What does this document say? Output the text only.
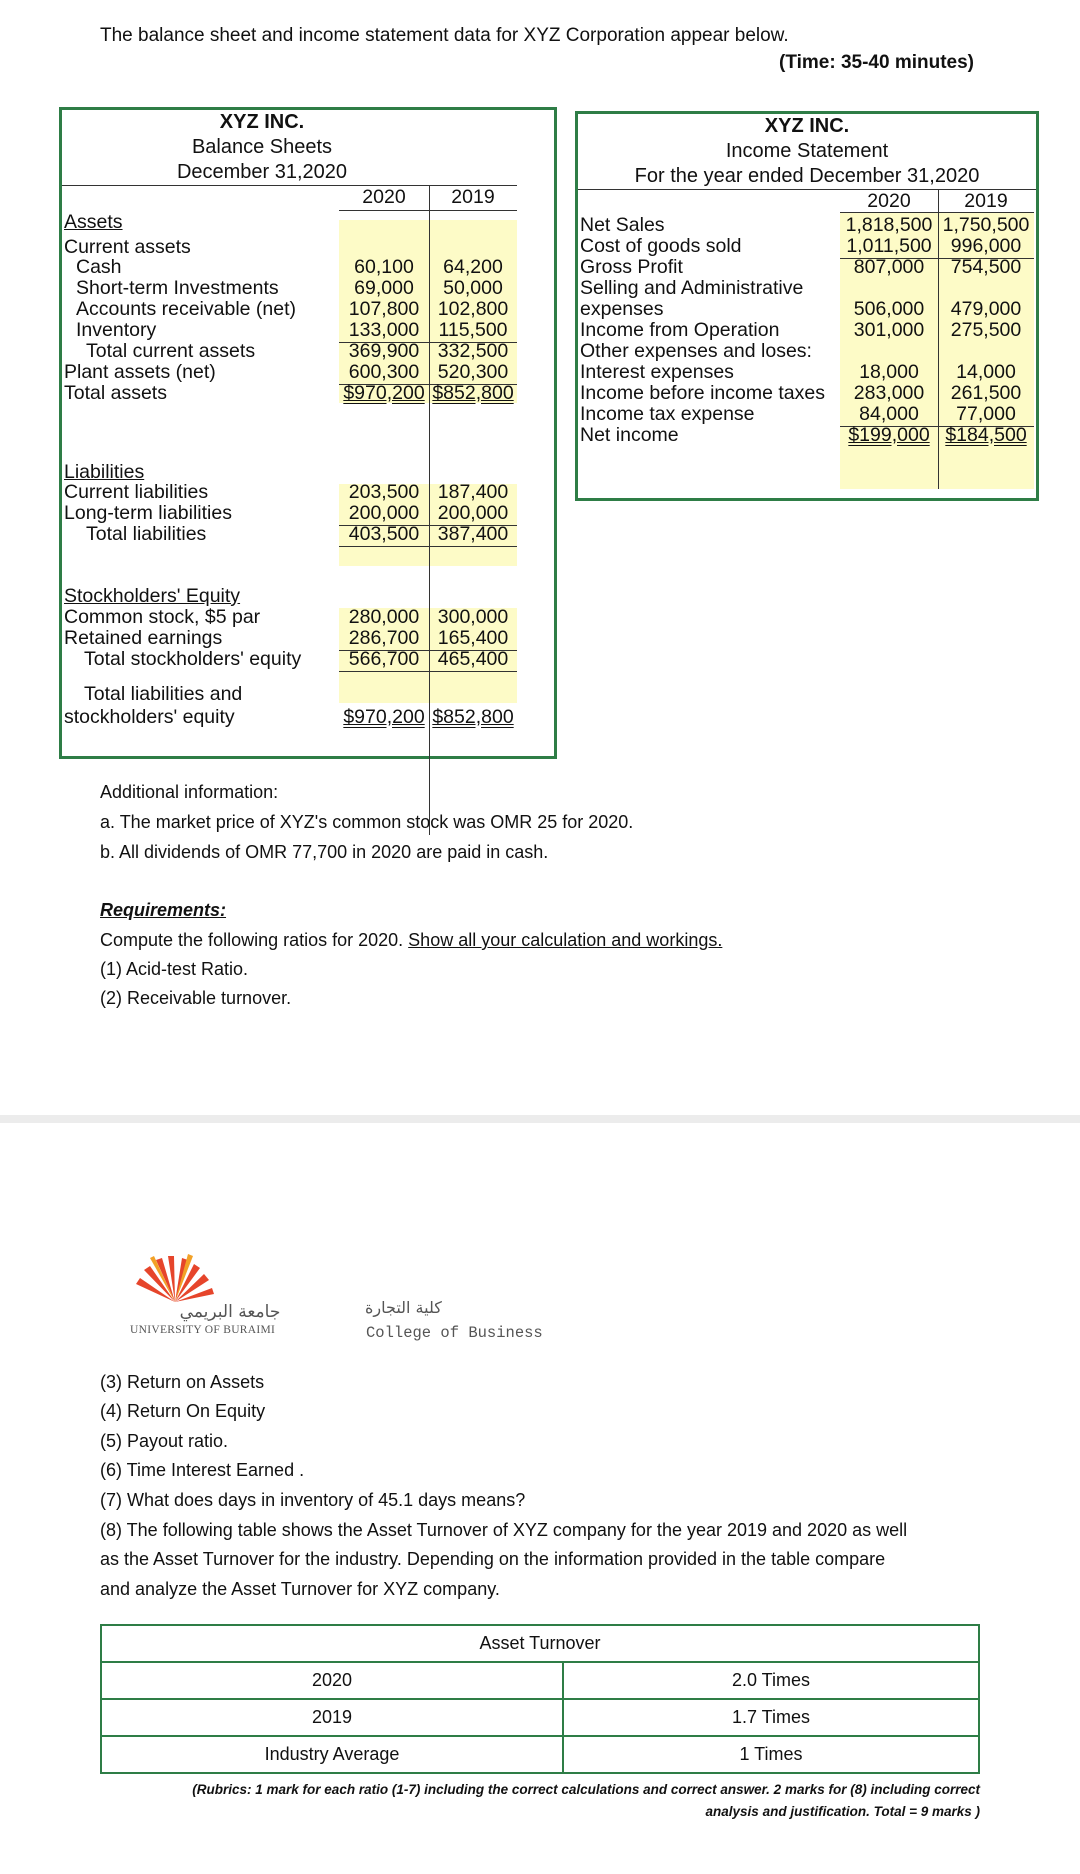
The balance sheet and income statement data for XYZ Corporation appear below.
(Time: 35-40 minutes)
XYZ INC.
Balance Sheets
December 31,2020
2020	2019
Assets
Current assets
Cash	60,100	64,200
Short-term Investments	69,000	50,000
Accounts receivable (net)	107,800 102,800
Inventory	133,000 115,500
Total current assets	369,900 332,500
Plant assets (net)	600,300 520,300
Total assets	$970,200 $852,800
Liabilities
Current liabilities	203,500 187,400
Long-term liabilities	200,000 200,000
Total liabilities	403,500 387,400
Stockholders' Equity
Common stock, $5 par	280,000 300,000
Retained earnings	286,700 165,400
Total stockholders' equity	566,700 465,400
Total liabilities and
stockholders' equity	$970,200 $852,800
XYZ INC.
Income Statement
For the year ended December 31,2020
2020	2019
Net Sales	1,818,500 1,750,500
Cost of goods sold	1,011,500 996,000
Gross Profit	807,000	754,500
Selling and Administrative
expenses	506,000	479,000
Income from Operation	301,000	275,500
Other expenses and loses:
Interest expenses	18,000	14,000
Income before income taxes	283,000	261,500
Income tax expense	84,000	77,000
Net income	$199,000 $184,500
Additional information:
a. The market price of XYZ's common stock was OMR 25 for 2020.
b. All dividends of OMR 77,700 in 2020 are paid in cash.
Requirements:
Compute the following ratios for 2020. Show all your calculation and workings.
(1) Acid-test Ratio.
(2) Receivable turnover.
جامعة البريمي
UNIVERSITY OF BURAIMI
كلية التجارة
College of Business
(3) Return on Assets
(4) Return On Equity
(5) Payout ratio.
(6) Time Interest Earned .
(7) What does days in inventory of 45.1 days means?
(8) The following table shows the Asset Turnover of XYZ company for the year 2019 and 2020 as well
as the Asset Turnover for the industry. Depending on the information provided in the table compare
and analyze the Asset Turnover for XYZ company.
Asset Turnover	
2020	2.0 Times
2019	1.7 Times
Industry Average	1 Times
(Rubrics: 1 mark for each ratio (1-7) including the correct calculations and correct answer. 2 marks for (8) including correct
analysis and justification. Total = 9 marks )
